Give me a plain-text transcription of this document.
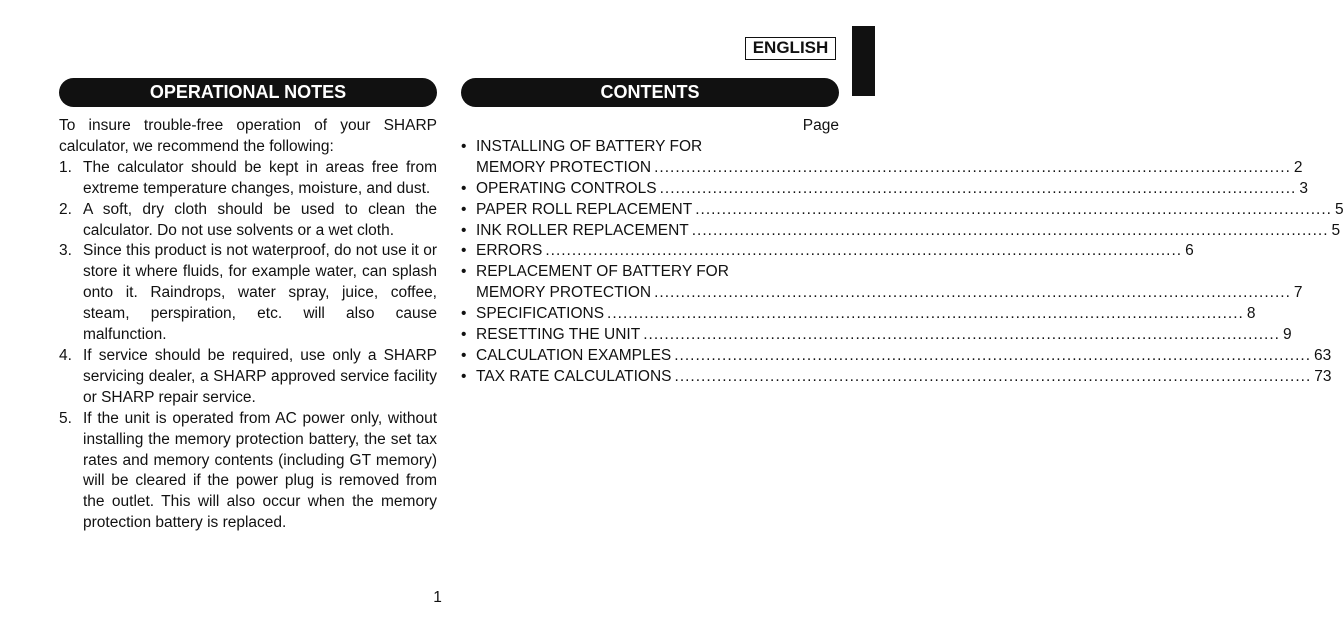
ENGLISH
OPERATIONAL NOTES	CONTENTS

To insure trouble-free operation of your SHARP calculator, we recommend the following:

1. The calculator should be kept in areas free from extreme temperature changes, moisture, and dust.
2. A soft, dry cloth should be used to clean the calculator. Do not use solvents or a wet cloth.
3. Since this product is not waterproof, do not use it or store it where fluids, for example water, can splash onto it. Raindrops, water spray, juice, coffee, steam, perspiration, etc. will also cause malfunction.
4. If service should be required, use only a SHARP servicing dealer, a SHARP approved service facility or SHARP repair service.
5. If the unit is operated from AC power only, without installing the memory protection battery, the set tax rates and memory contents (including GT memory) will be cleared if the power plug is removed from the outlet. This will also occur when the memory protection battery is replaced.
Page
• INSTALLING OF BATTERY FOR
MEMORY PROTECTION ........................................................................................................................ 2
• OPERATING CONTROLS ........................................................................................................................ 3
• PAPER ROLL REPLACEMENT ........................................................................................................................ 5
• INK ROLLER REPLACEMENT ........................................................................................................................ 5
• ERRORS ........................................................................................................................ 6
• REPLACEMENT OF BATTERY FOR
MEMORY PROTECTION ........................................................................................................................ 7
• SPECIFICATIONS ........................................................................................................................ 8
• RESETTING THE UNIT ........................................................................................................................ 9
• CALCULATION EXAMPLES ........................................................................................................................ 63
• TAX RATE CALCULATIONS ........................................................................................................................ 73
1
